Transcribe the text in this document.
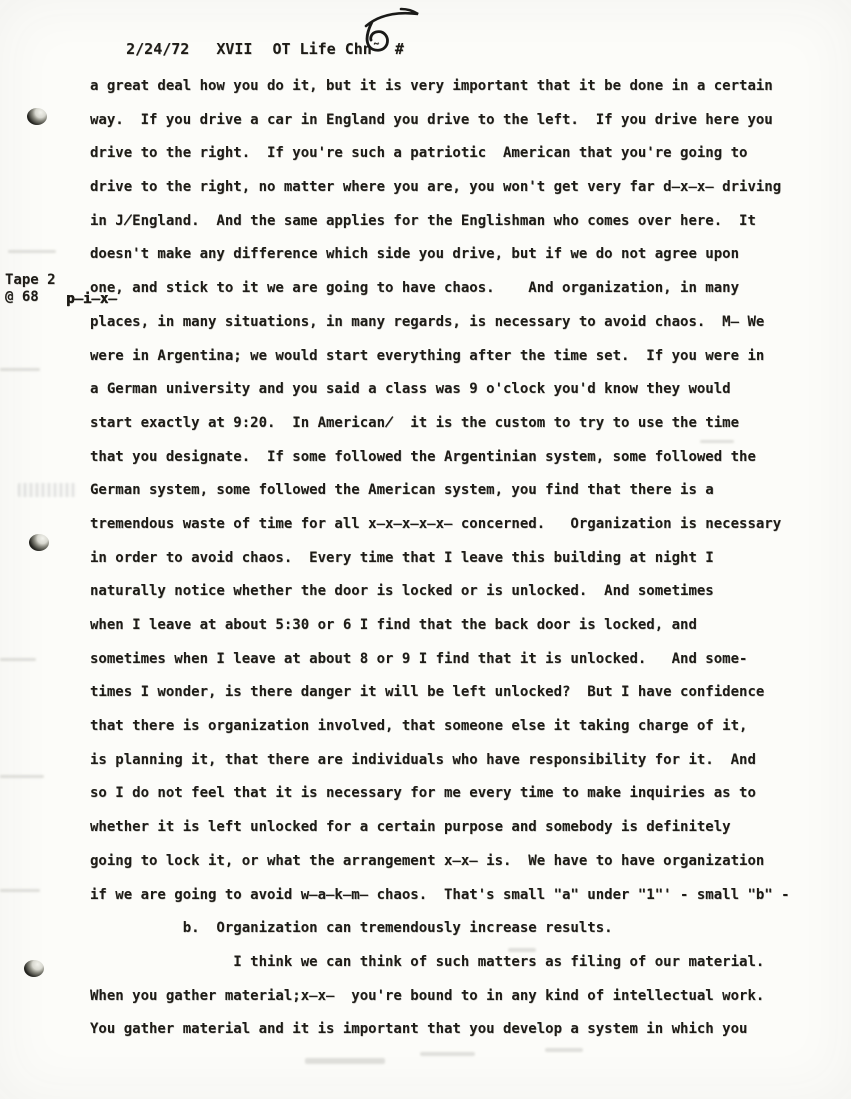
2/24/72 XVII OT Life Chn˜ #

Tape 2
@ 68	p̶i̶x̶
a great deal how you do it, but it is very important that it be done in a certain
way.  If you drive a car in England you drive to the left.  If you drive here you
drive to the right.  If you're such a patriotic  American that you're going to
drive to the right, no matter where you are, you won't get very far d̶x̶x̶ driving
in J̸England.  And the same applies for the Englishman who comes over here.  It
doesn't make any difference which side you drive, but if we do not agree upon
one, and stick to it we are going to have chaos.    And organization, in many
places, in many situations, in many regards, is necessary to avoid chaos.  M̶ We
were in Argentina; we would start everything after the time set.  If you were in
a German university and you said a class was 9 o'clock you'd know they would
start exactly at 9:20.  In American̸  it is the custom to try to use the time
that you designate.  If some followed the Argentinian system, some followed the
German system, some followed the American system, you find that there is a
tremendous waste of time for all x̶x̶x̶x̶x̶ concerned.   Organization is necessary
in order to avoid chaos.  Every time that I leave this building at night I
naturally notice whether the door is locked or is unlocked.  And sometimes
when I leave at about 5:30 or 6 I find that the back door is locked, and
sometimes when I leave at about 8 or 9 I find that it is unlocked.   And some-
times I wonder, is there danger it will be left unlocked?  But I have confidence
that there is organization involved, that someone else it taking charge of it,
is planning it, that there are individuals who have responsibility for it.  And
so I do not feel that it is necessary for me every time to make inquiries as to
whether it is left unlocked for a certain purpose and somebody is definitely
going to lock it, or what the arrangement x̶x̶ is.  We have to have organization
if we are going to avoid w̶a̶k̶m̶ chaos.  That's small "a" under "1"' - small "b" -
b.  Organization can tremendously increase results.
I think we can think of such matters as filing of our material.
When you gather material;x̶x̶  you're bound to in any kind of intellectual work.
You gather material and it is important that you develop a system in which you
